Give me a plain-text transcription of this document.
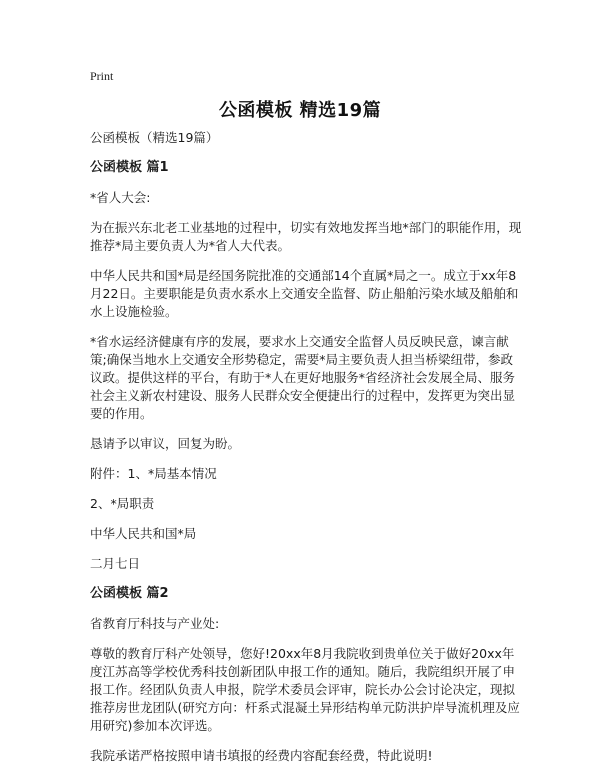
Print
公函模板 精选19篇

公函模板（精选19篇）

公函模板 篇1

*省人大会:

为在振兴东北老工业基地的过程中，切实有效地发挥当地*部门的职能作用，现推荐*局主要负责人为*省人大代表。

中华人民共和国*局是经国务院批准的交通部14个直属*局之一。成立于xx年8月22日。主要职能是负责水系水上交通安全监督、防止船舶污染水域及船舶和水上设施检验。

*省水运经济健康有序的发展，要求水上交通安全监督人员反映民意，谏言献策;确保当地水上交通安全形势稳定，需要*局主要负责人担当桥梁纽带，参政议政。提供这样的平台，有助于*人在更好地服务*省经济社会发展全局、服务社会主义新农村建设、服务人民群众安全便捷出行的过程中，发挥更为突出显要的作用。

恳请予以审议，回复为盼。

附件：1、*局基本情况

2、*局职责

中华人民共和国*局

二月七日

公函模板 篇2

省教育厅科技与产业处:

尊敬的教育厅科产处领导，您好!20xx年8月我院收到贵单位关于做好20xx年度江苏高等学校优秀科技创新团队申报工作的通知。随后，我院组织开展了申报工作。经团队负责人申报，院学术委员会评审，院长办公会讨论决定，现拟推荐房世龙团队(研究方向：杆系式混凝土异形结构单元防洪护岸导流机理及应用研究)参加本次评选。

我院承诺严格按照申请书填报的经费内容配套经费，特此说明!
